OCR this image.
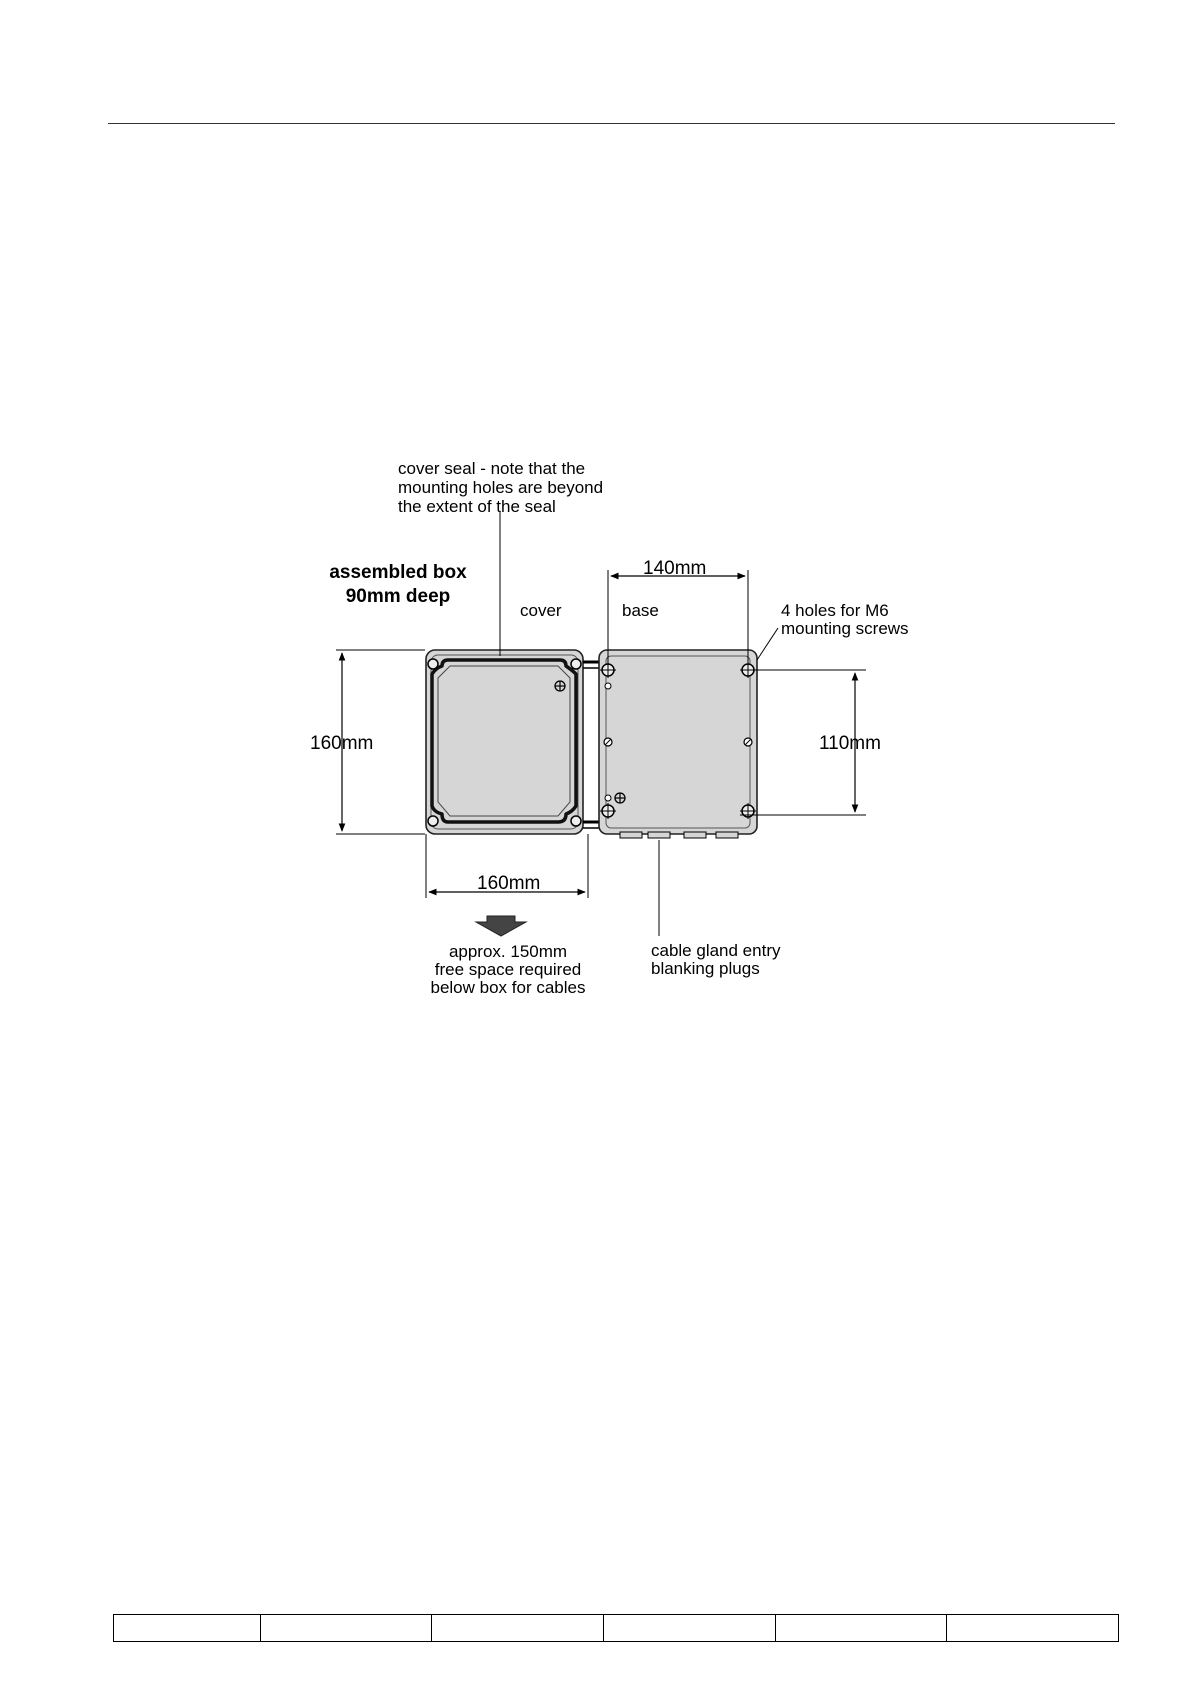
cover seal - note that the
mounting holes are beyond
the extent of the seal
assembled box
90mm deep
cover	base	4 holes for M6
mounting screws
160mm
160mm
140mm
110mm
approx. 150mm
free space required
below box for cables
cable gland entry
blanking plugs
